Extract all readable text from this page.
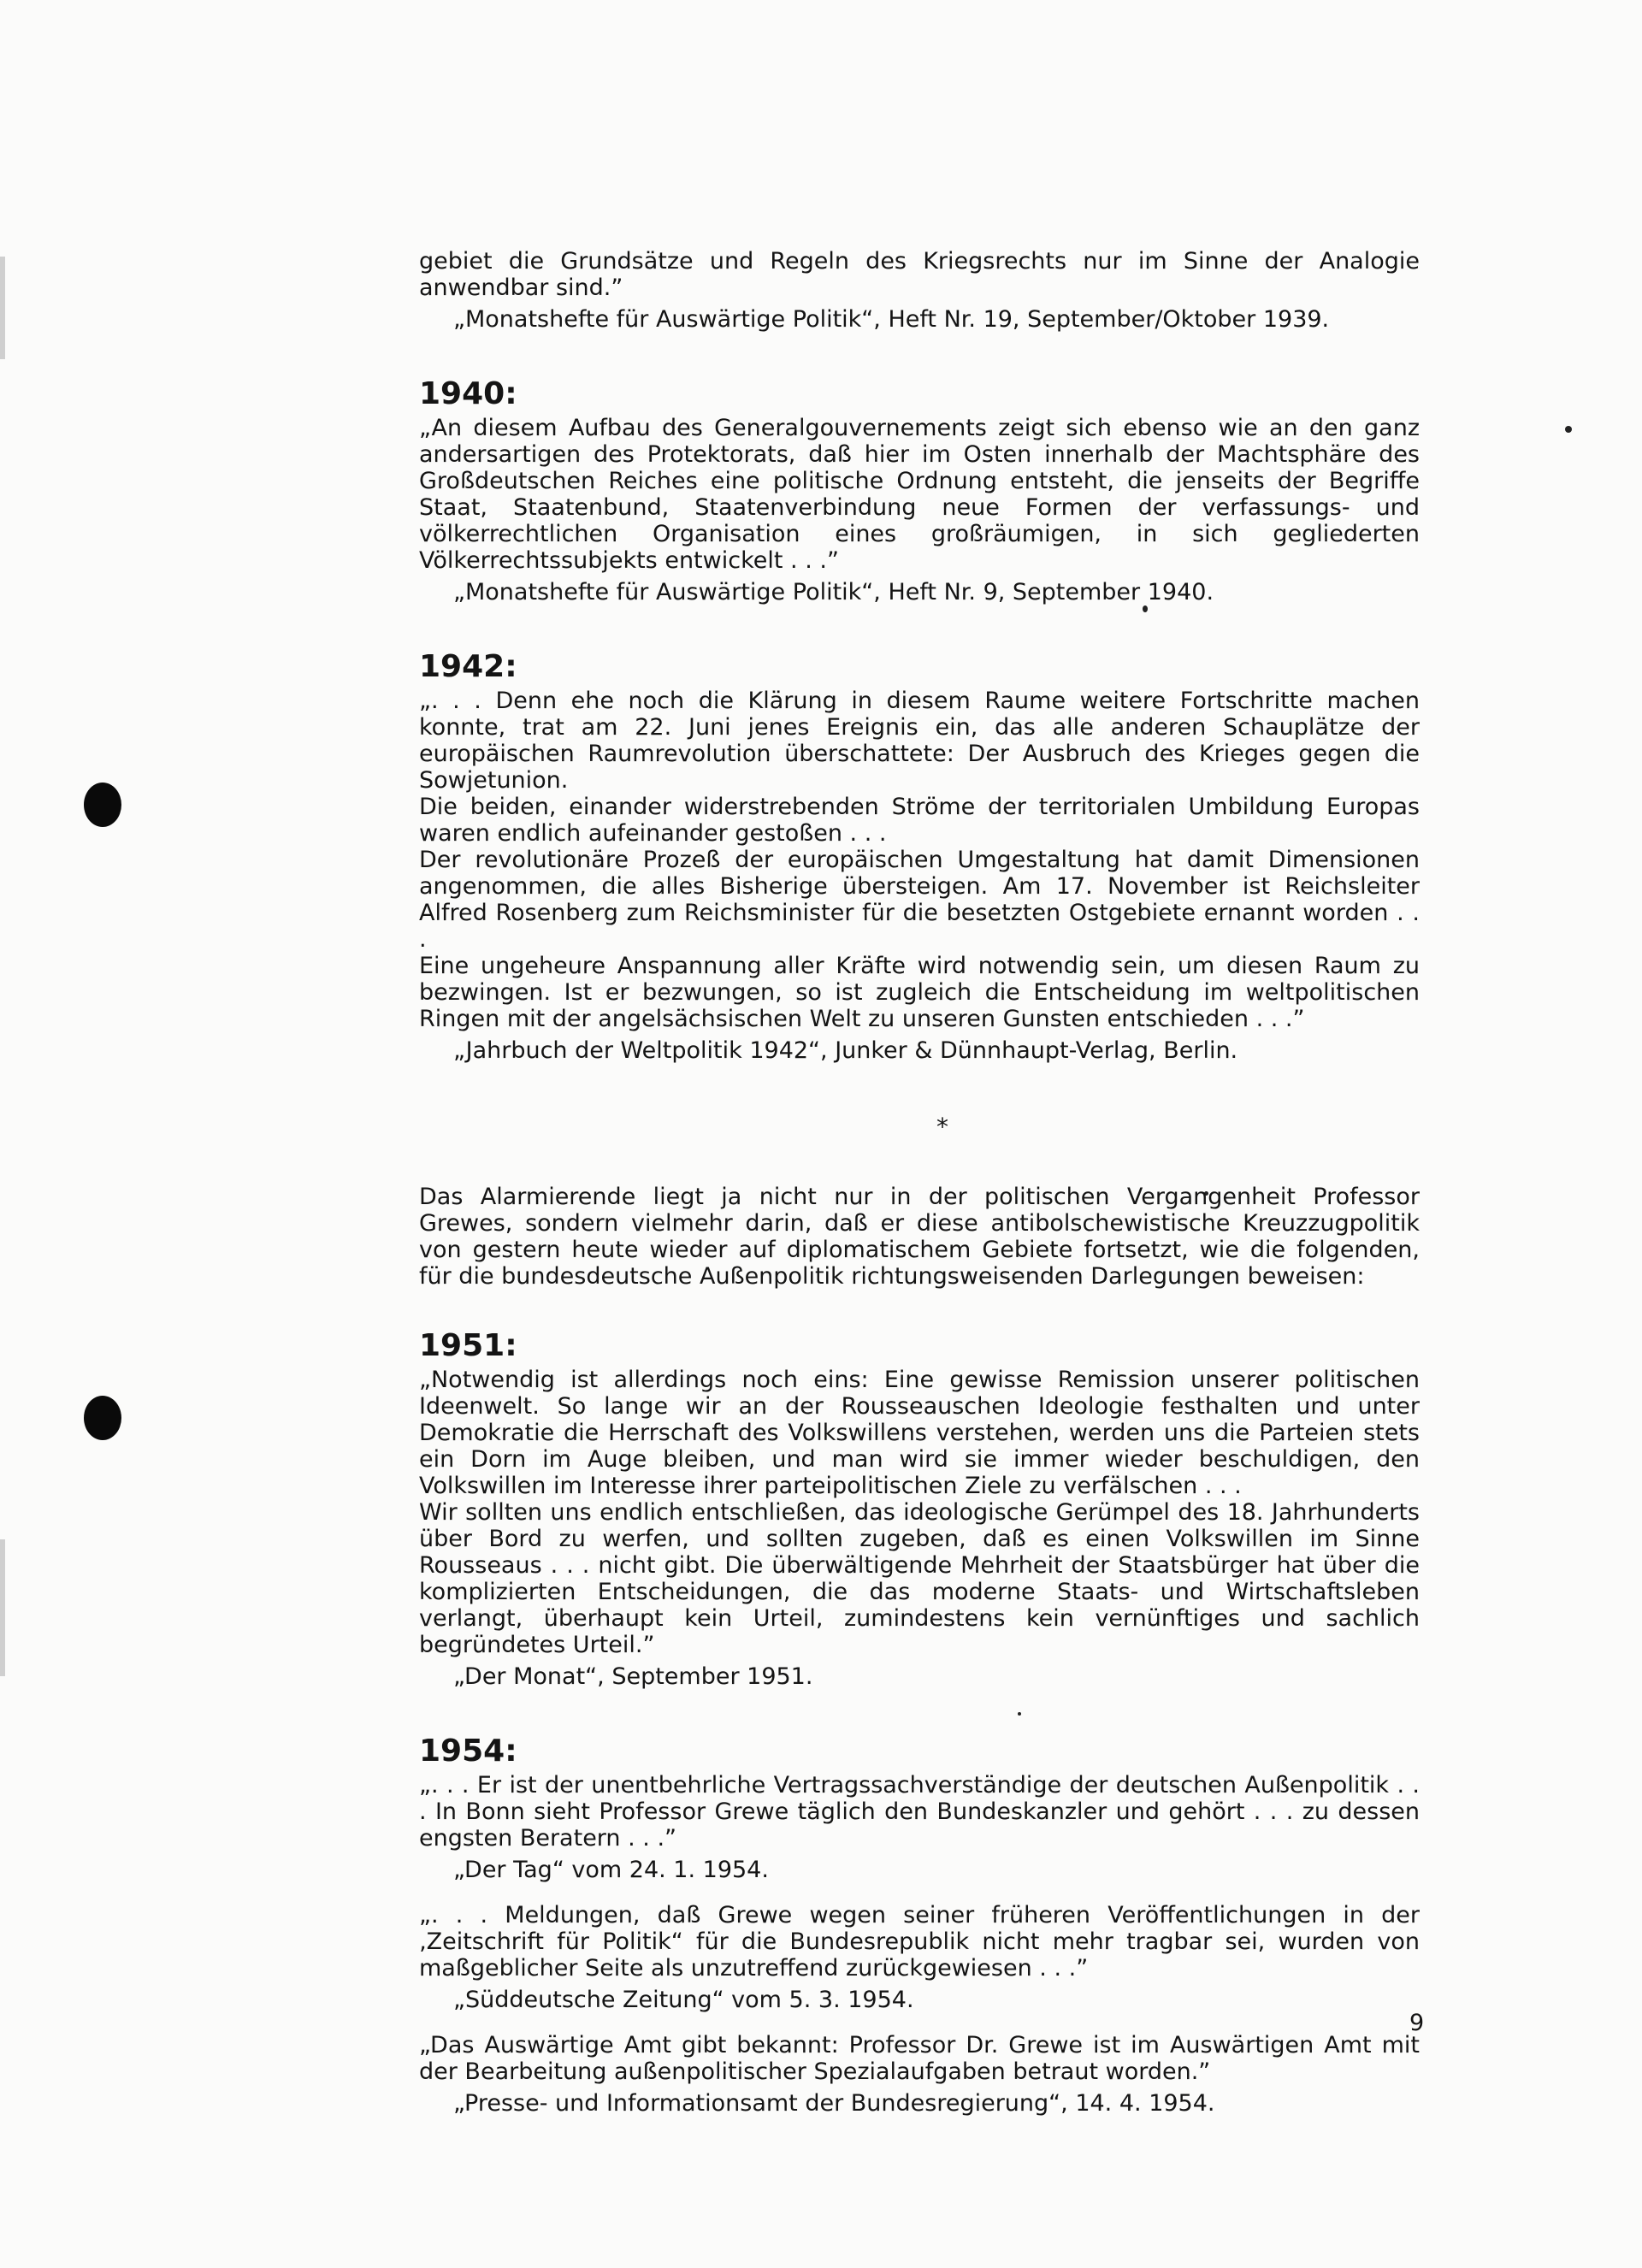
gebiet die Grundsätze und Regeln des Kriegsrechts nur im Sinne der Analogie anwendbar sind.”

„Monatshefte für Auswärtige Politik“, Heft Nr. 19, September/Oktober 1939.

1940:

„An diesem Aufbau des Generalgouvernements zeigt sich ebenso wie an den ganz andersartigen des Protektorats, daß hier im Osten innerhalb der Machtsphäre des Großdeutschen Reiches eine politische Ordnung entsteht, die jenseits der Begriffe Staat, Staatenbund, Staatenverbindung neue Formen der verfassungs- und völkerrechtlichen Organisation eines großräumigen, in sich gegliederten Völkerrechtssubjekts entwickelt . . .”

„Monatshefte für Auswärtige Politik“, Heft Nr. 9, September 1940.

1942:

„. . . Denn ehe noch die Klärung in diesem Raume weitere Fortschritte machen konnte, trat am 22. Juni jenes Ereignis ein, das alle anderen Schauplätze der europäischen Raumrevolution überschattete: Der Ausbruch des Krieges gegen die Sowjetunion.

Die beiden, einander widerstrebenden Ströme der territorialen Umbildung Europas waren endlich aufeinander gestoßen . . .

Der revolutionäre Prozeß der europäischen Umgestaltung hat damit Dimensionen angenommen, die alles Bisherige übersteigen. Am 17. November ist Reichsleiter Alfred Rosenberg zum Reichsminister für die besetzten Ostgebiete ernannt worden . . .

Eine ungeheure Anspannung aller Kräfte wird notwendig sein, um diesen Raum zu bezwingen. Ist er bezwungen, so ist zugleich die Entscheidung im weltpolitischen Ringen mit der angelsächsischen Welt zu unseren Gunsten entschieden . . .”

„Jahrbuch der Weltpolitik 1942“, Junker & Dünnhaupt-Verlag, Berlin.

*

Das Alarmierende liegt ja nicht nur in der politischen Vergangenheit Professor Grewes, sondern vielmehr darin, daß er diese antibolschewistische Kreuzzugpolitik von gestern heute wieder auf diplomatischem Gebiete fortsetzt, wie die folgenden, für die bundesdeutsche Außenpolitik richtungsweisenden Darlegungen beweisen:

1951:

„Notwendig ist allerdings noch eins: Eine gewisse Remission unserer politischen Ideenwelt. So lange wir an der Rousseauschen Ideologie festhalten und unter Demokratie die Herrschaft des Volkswillens verstehen, werden uns die Parteien stets ein Dorn im Auge bleiben, und man wird sie immer wieder beschuldigen, den Volkswillen im Interesse ihrer parteipolitischen Ziele zu verfälschen . . .

Wir sollten uns endlich entschließen, das ideologische Gerümpel des 18. Jahrhunderts über Bord zu werfen, und sollten zugeben, daß es einen Volkswillen im Sinne Rousseaus . . . nicht gibt. Die überwältigende Mehrheit der Staatsbürger hat über die komplizierten Entscheidungen, die das moderne Staats- und Wirtschaftsleben verlangt, überhaupt kein Urteil, zumindestens kein vernünftiges und sachlich begründetes Urteil.”

„Der Monat“, September 1951.

1954:

„. . . Er ist der unentbehrliche Vertragssachverständige der deutschen Außenpolitik . . . In Bonn sieht Professor Grewe täglich den Bundeskanzler und gehört . . . zu dessen engsten Beratern . . .”

„Der Tag“ vom 24. 1. 1954.

„. . . Meldungen, daß Grewe wegen seiner früheren Veröffentlichungen in der ‚Zeitschrift für Politik“ für die Bundesrepublik nicht mehr tragbar sei, wurden von maßgeblicher Seite als unzutreffend zurückgewiesen . . .”

„Süddeutsche Zeitung“ vom 5. 3. 1954.

„Das Auswärtige Amt gibt bekannt: Professor Dr. Grewe ist im Auswärtigen Amt mit der Bearbeitung außenpolitischer Spezialaufgaben betraut worden.”

„Presse- und Informationsamt der Bundesregierung“, 14. 4. 1954.

9
